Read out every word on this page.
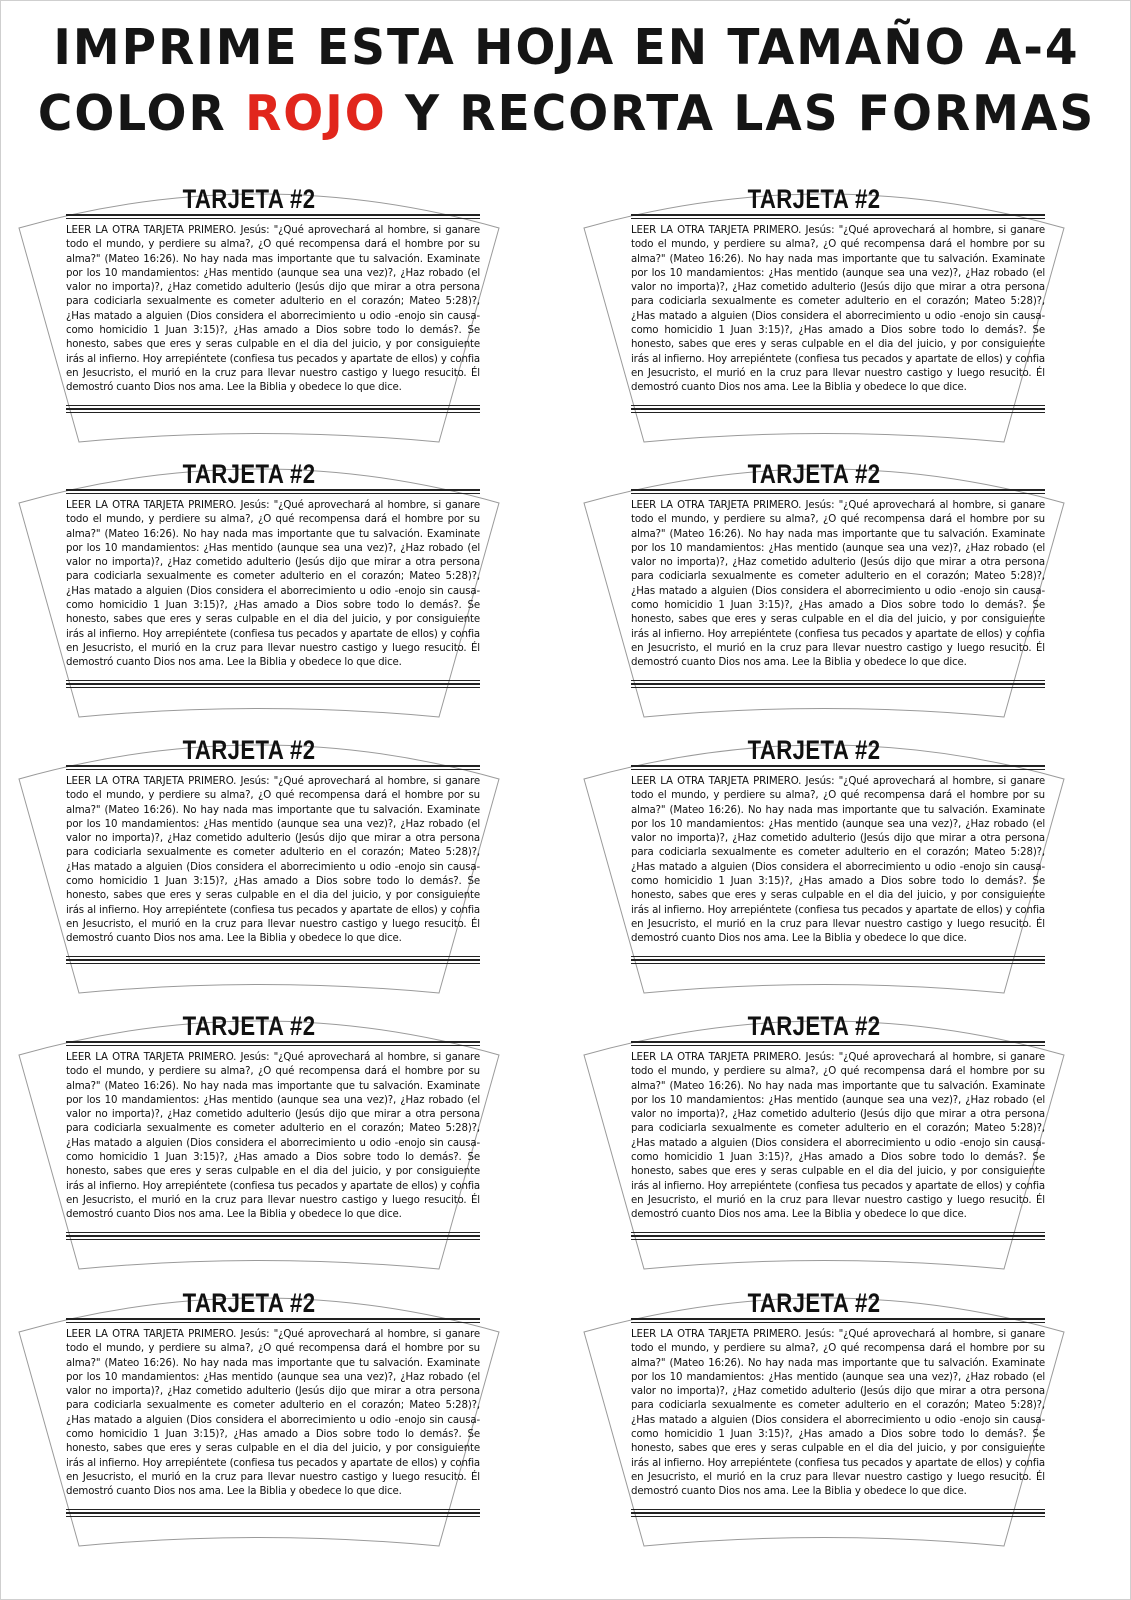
IMPRIME ESTA HOJA EN TAMAÑO A-4
COLOR ROJO Y RECORTA LAS FORMAS
TARJETA #2
LEER LA OTRA TARJETA PRIMERO. Jesús: "¿Qué aprovechará al hombre, si ganare todo el mundo, y perdiere su alma?, ¿O qué recompensa dará el hombre por su alma?" (Mateo 16:26). No hay nada mas importante que tu salvación. Examinate por los 10 mandamientos: ¿Has mentido (aunque sea una vez)?, ¿Haz robado (el valor no importa)?, ¿Haz cometido adulterio (Jesús dijo que mirar a otra persona para codiciarla sexualmente es cometer adulterio en el corazón; Mateo 5:28)?, ¿Has matado a alguien (Dios considera el aborrecimiento u odio -enojo sin causa- como homicidio 1 Juan 3:15)?, ¿Has amado a Dios sobre todo lo demás?. Se honesto, sabes que eres y seras culpable en el dia del juicio, y por consiguiente irás al infierno. Hoy arrepiéntete (confiesa tus pecados y apartate de ellos) y confia en Jesucristo, el murió en la cruz para llevar nuestro castigo y luego resucito. Él demostró cuanto Dios nos ama. Lee la Biblia y obedece lo que dice.
TARJETA #2
LEER LA OTRA TARJETA PRIMERO. Jesús: "¿Qué aprovechará al hombre, si ganare todo el mundo, y perdiere su alma?, ¿O qué recompensa dará el hombre por su alma?" (Mateo 16:26). No hay nada mas importante que tu salvación. Examinate por los 10 mandamientos: ¿Has mentido (aunque sea una vez)?, ¿Haz robado (el valor no importa)?, ¿Haz cometido adulterio (Jesús dijo que mirar a otra persona para codiciarla sexualmente es cometer adulterio en el corazón; Mateo 5:28)?, ¿Has matado a alguien (Dios considera el aborrecimiento u odio -enojo sin causa- como homicidio 1 Juan 3:15)?, ¿Has amado a Dios sobre todo lo demás?. Se honesto, sabes que eres y seras culpable en el dia del juicio, y por consiguiente irás al infierno. Hoy arrepiéntete (confiesa tus pecados y apartate de ellos) y confia en Jesucristo, el murió en la cruz para llevar nuestro castigo y luego resucito. Él demostró cuanto Dios nos ama. Lee la Biblia y obedece lo que dice.
TARJETA #2
LEER LA OTRA TARJETA PRIMERO. Jesús: "¿Qué aprovechará al hombre, si ganare todo el mundo, y perdiere su alma?, ¿O qué recompensa dará el hombre por su alma?" (Mateo 16:26). No hay nada mas importante que tu salvación. Examinate por los 10 mandamientos: ¿Has mentido (aunque sea una vez)?, ¿Haz robado (el valor no importa)?, ¿Haz cometido adulterio (Jesús dijo que mirar a otra persona para codiciarla sexualmente es cometer adulterio en el corazón; Mateo 5:28)?, ¿Has matado a alguien (Dios considera el aborrecimiento u odio -enojo sin causa- como homicidio 1 Juan 3:15)?, ¿Has amado a Dios sobre todo lo demás?. Se honesto, sabes que eres y seras culpable en el dia del juicio, y por consiguiente irás al infierno. Hoy arrepiéntete (confiesa tus pecados y apartate de ellos) y confia en Jesucristo, el murió en la cruz para llevar nuestro castigo y luego resucito. Él demostró cuanto Dios nos ama. Lee la Biblia y obedece lo que dice.
TARJETA #2
LEER LA OTRA TARJETA PRIMERO. Jesús: "¿Qué aprovechará al hombre, si ganare todo el mundo, y perdiere su alma?, ¿O qué recompensa dará el hombre por su alma?" (Mateo 16:26). No hay nada mas importante que tu salvación. Examinate por los 10 mandamientos: ¿Has mentido (aunque sea una vez)?, ¿Haz robado (el valor no importa)?, ¿Haz cometido adulterio (Jesús dijo que mirar a otra persona para codiciarla sexualmente es cometer adulterio en el corazón; Mateo 5:28)?, ¿Has matado a alguien (Dios considera el aborrecimiento u odio -enojo sin causa- como homicidio 1 Juan 3:15)?, ¿Has amado a Dios sobre todo lo demás?. Se honesto, sabes que eres y seras culpable en el dia del juicio, y por consiguiente irás al infierno. Hoy arrepiéntete (confiesa tus pecados y apartate de ellos) y confia en Jesucristo, el murió en la cruz para llevar nuestro castigo y luego resucito. Él demostró cuanto Dios nos ama. Lee la Biblia y obedece lo que dice.
TARJETA #2
LEER LA OTRA TARJETA PRIMERO. Jesús: "¿Qué aprovechará al hombre, si ganare todo el mundo, y perdiere su alma?, ¿O qué recompensa dará el hombre por su alma?" (Mateo 16:26). No hay nada mas importante que tu salvación. Examinate por los 10 mandamientos: ¿Has mentido (aunque sea una vez)?, ¿Haz robado (el valor no importa)?, ¿Haz cometido adulterio (Jesús dijo que mirar a otra persona para codiciarla sexualmente es cometer adulterio en el corazón; Mateo 5:28)?, ¿Has matado a alguien (Dios considera el aborrecimiento u odio -enojo sin causa- como homicidio 1 Juan 3:15)?, ¿Has amado a Dios sobre todo lo demás?. Se honesto, sabes que eres y seras culpable en el dia del juicio, y por consiguiente irás al infierno. Hoy arrepiéntete (confiesa tus pecados y apartate de ellos) y confia en Jesucristo, el murió en la cruz para llevar nuestro castigo y luego resucito. Él demostró cuanto Dios nos ama. Lee la Biblia y obedece lo que dice.
TARJETA #2
LEER LA OTRA TARJETA PRIMERO. Jesús: "¿Qué aprovechará al hombre, si ganare todo el mundo, y perdiere su alma?, ¿O qué recompensa dará el hombre por su alma?" (Mateo 16:26). No hay nada mas importante que tu salvación. Examinate por los 10 mandamientos: ¿Has mentido (aunque sea una vez)?, ¿Haz robado (el valor no importa)?, ¿Haz cometido adulterio (Jesús dijo que mirar a otra persona para codiciarla sexualmente es cometer adulterio en el corazón; Mateo 5:28)?, ¿Has matado a alguien (Dios considera el aborrecimiento u odio -enojo sin causa- como homicidio 1 Juan 3:15)?, ¿Has amado a Dios sobre todo lo demás?. Se honesto, sabes que eres y seras culpable en el dia del juicio, y por consiguiente irás al infierno. Hoy arrepiéntete (confiesa tus pecados y apartate de ellos) y confia en Jesucristo, el murió en la cruz para llevar nuestro castigo y luego resucito. Él demostró cuanto Dios nos ama. Lee la Biblia y obedece lo que dice.
TARJETA #2
LEER LA OTRA TARJETA PRIMERO. Jesús: "¿Qué aprovechará al hombre, si ganare todo el mundo, y perdiere su alma?, ¿O qué recompensa dará el hombre por su alma?" (Mateo 16:26). No hay nada mas importante que tu salvación. Examinate por los 10 mandamientos: ¿Has mentido (aunque sea una vez)?, ¿Haz robado (el valor no importa)?, ¿Haz cometido adulterio (Jesús dijo que mirar a otra persona para codiciarla sexualmente es cometer adulterio en el corazón; Mateo 5:28)?, ¿Has matado a alguien (Dios considera el aborrecimiento u odio -enojo sin causa- como homicidio 1 Juan 3:15)?, ¿Has amado a Dios sobre todo lo demás?. Se honesto, sabes que eres y seras culpable en el dia del juicio, y por consiguiente irás al infierno. Hoy arrepiéntete (confiesa tus pecados y apartate de ellos) y confia en Jesucristo, el murió en la cruz para llevar nuestro castigo y luego resucito. Él demostró cuanto Dios nos ama. Lee la Biblia y obedece lo que dice.
TARJETA #2
LEER LA OTRA TARJETA PRIMERO. Jesús: "¿Qué aprovechará al hombre, si ganare todo el mundo, y perdiere su alma?, ¿O qué recompensa dará el hombre por su alma?" (Mateo 16:26). No hay nada mas importante que tu salvación. Examinate por los 10 mandamientos: ¿Has mentido (aunque sea una vez)?, ¿Haz robado (el valor no importa)?, ¿Haz cometido adulterio (Jesús dijo que mirar a otra persona para codiciarla sexualmente es cometer adulterio en el corazón; Mateo 5:28)?, ¿Has matado a alguien (Dios considera el aborrecimiento u odio -enojo sin causa- como homicidio 1 Juan 3:15)?, ¿Has amado a Dios sobre todo lo demás?. Se honesto, sabes que eres y seras culpable en el dia del juicio, y por consiguiente irás al infierno. Hoy arrepiéntete (confiesa tus pecados y apartate de ellos) y confia en Jesucristo, el murió en la cruz para llevar nuestro castigo y luego resucito. Él demostró cuanto Dios nos ama. Lee la Biblia y obedece lo que dice.
TARJETA #2
LEER LA OTRA TARJETA PRIMERO. Jesús: "¿Qué aprovechará al hombre, si ganare todo el mundo, y perdiere su alma?, ¿O qué recompensa dará el hombre por su alma?" (Mateo 16:26). No hay nada mas importante que tu salvación. Examinate por los 10 mandamientos: ¿Has mentido (aunque sea una vez)?, ¿Haz robado (el valor no importa)?, ¿Haz cometido adulterio (Jesús dijo que mirar a otra persona para codiciarla sexualmente es cometer adulterio en el corazón; Mateo 5:28)?, ¿Has matado a alguien (Dios considera el aborrecimiento u odio -enojo sin causa- como homicidio 1 Juan 3:15)?, ¿Has amado a Dios sobre todo lo demás?. Se honesto, sabes que eres y seras culpable en el dia del juicio, y por consiguiente irás al infierno. Hoy arrepiéntete (confiesa tus pecados y apartate de ellos) y confia en Jesucristo, el murió en la cruz para llevar nuestro castigo y luego resucito. Él demostró cuanto Dios nos ama. Lee la Biblia y obedece lo que dice.
TARJETA #2
LEER LA OTRA TARJETA PRIMERO. Jesús: "¿Qué aprovechará al hombre, si ganare todo el mundo, y perdiere su alma?, ¿O qué recompensa dará el hombre por su alma?" (Mateo 16:26). No hay nada mas importante que tu salvación. Examinate por los 10 mandamientos: ¿Has mentido (aunque sea una vez)?, ¿Haz robado (el valor no importa)?, ¿Haz cometido adulterio (Jesús dijo que mirar a otra persona para codiciarla sexualmente es cometer adulterio en el corazón; Mateo 5:28)?, ¿Has matado a alguien (Dios considera el aborrecimiento u odio -enojo sin causa- como homicidio 1 Juan 3:15)?, ¿Has amado a Dios sobre todo lo demás?. Se honesto, sabes que eres y seras culpable en el dia del juicio, y por consiguiente irás al infierno. Hoy arrepiéntete (confiesa tus pecados y apartate de ellos) y confia en Jesucristo, el murió en la cruz para llevar nuestro castigo y luego resucito. Él demostró cuanto Dios nos ama. Lee la Biblia y obedece lo que dice.
